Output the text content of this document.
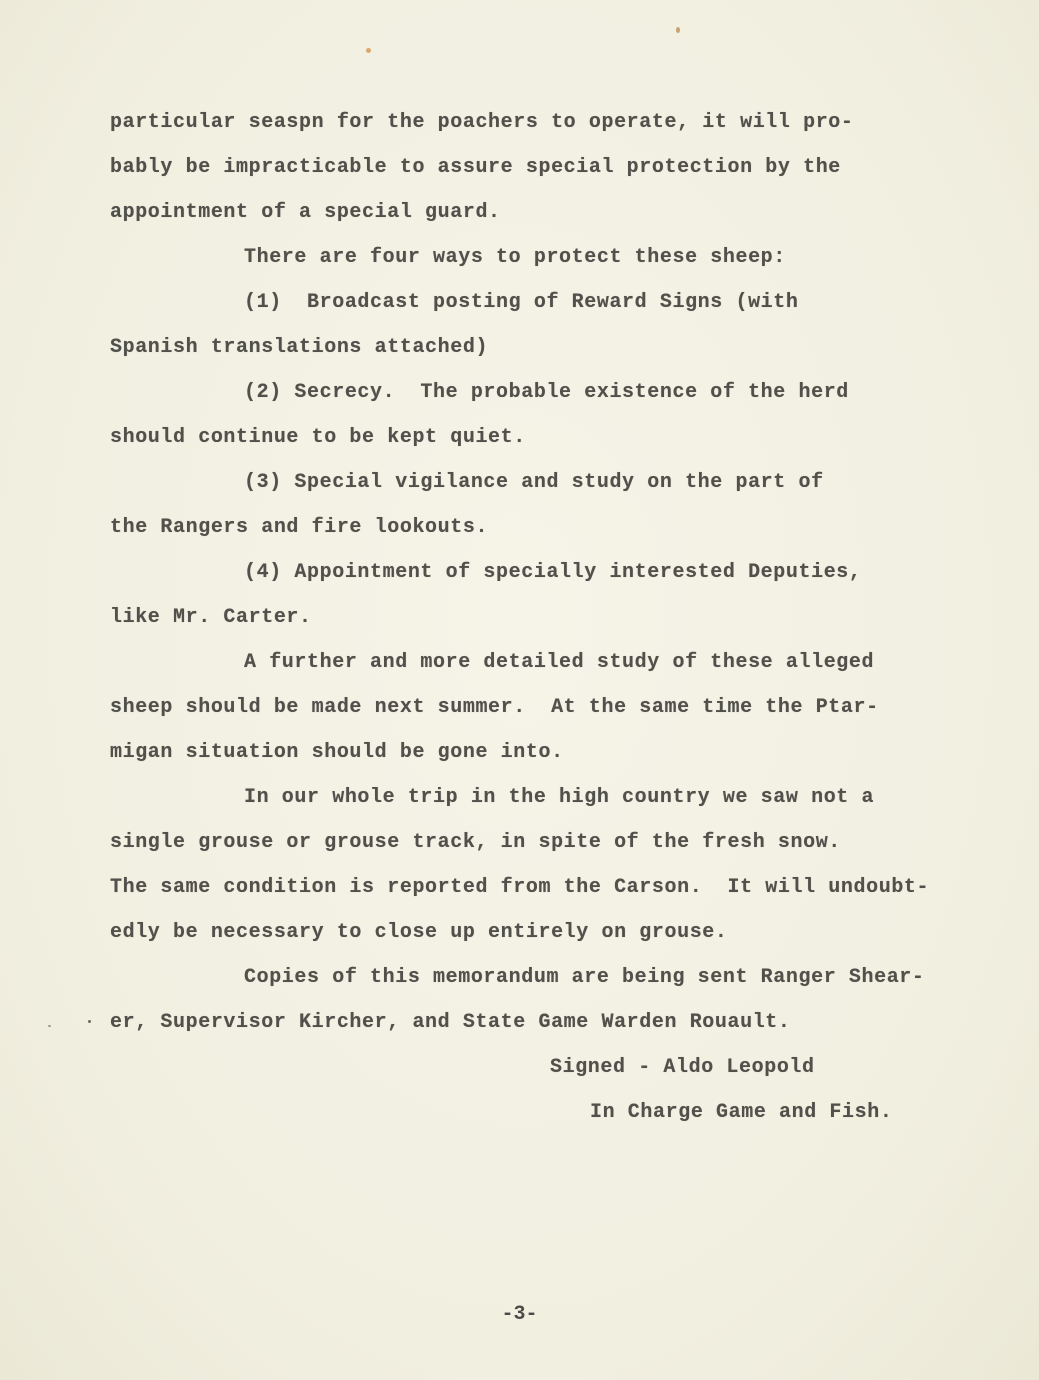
particular seaspn for the poachers to operate, it will pro-
bably be impracticable to assure special protection by the
appointment of a special guard.
There are four ways to protect these sheep:
(1)  Broadcast posting of Reward Signs (with
Spanish translations attached)
(2) Secrecy.  The probable existence of the herd
should continue to be kept quiet.
(3) Special vigilance and study on the part of
the Rangers and fire lookouts.
(4) Appointment of specially interested Deputies,
like Mr. Carter.
A further and more detailed study of these alleged
sheep should be made next summer.  At the same time the Ptar-
migan situation should be gone into.
In our whole trip in the high country we saw not a
single grouse or grouse track, in spite of the fresh snow.
The same condition is reported from the Carson.  It will undoubt-
edly be necessary to close up entirely on grouse.
Copies of this memorandum are being sent Ranger Shear-
er, Supervisor Kircher, and State Game Warden Rouault.
Signed - Aldo Leopold
In Charge Game and Fish.
-3-
